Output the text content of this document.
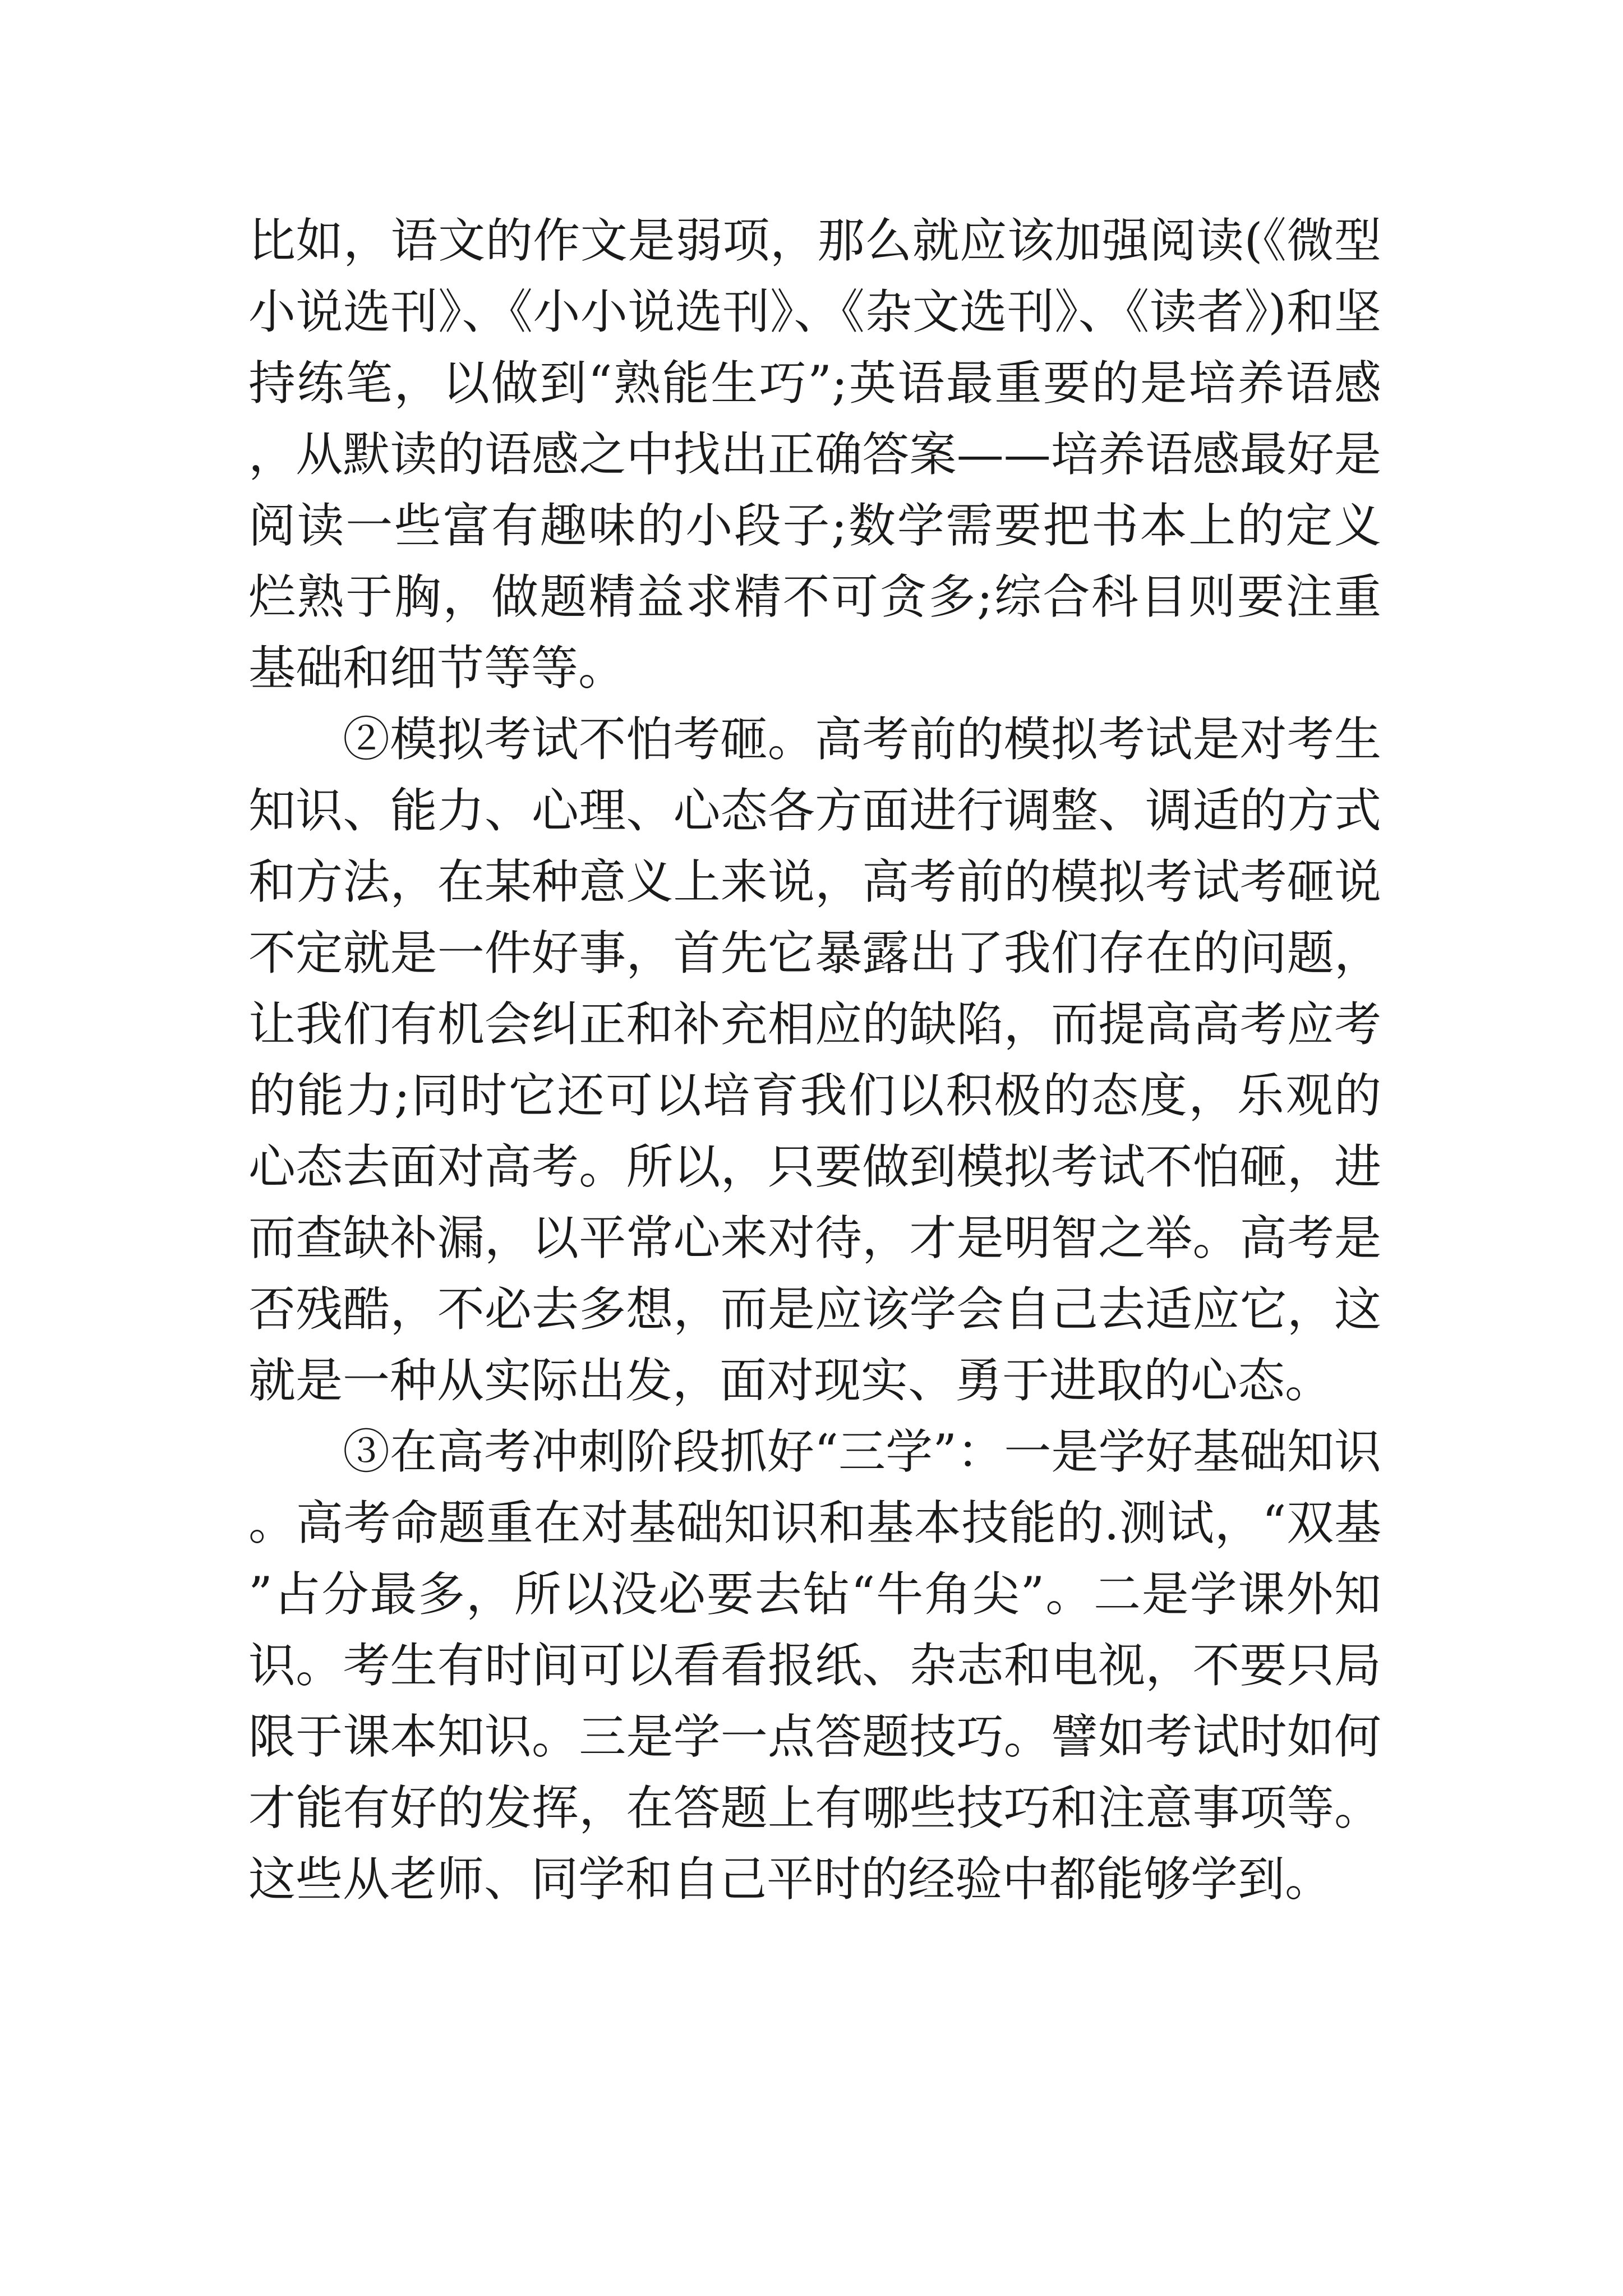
比如，语文的作文是弱项，那么就应该加强阅读(《微型小说选刊》、《小小说选刊》、《杂文选刊》、《读者》)和坚持练笔，以做到“熟能生巧”;英语最重要的是培养语感，从默读的语感之中找出正确答案——培养语感最好是阅读一些富有趣味的小段子;数学需要把书本上的定义烂熟于胸，做题精益求精不可贪多;综合科目则要注重基础和细节等等。

②模拟考试不怕考砸。高考前的模拟考试是对考生知识、能力、心理、心态各方面进行调整、调适的方式和方法，在某种意义上来说，高考前的模拟考试考砸说不定就是一件好事，首先它暴露出了我们存在的问题，让我们有机会纠正和补充相应的缺陷，而提高高考应考的能力;同时它还可以培育我们以积极的态度，乐观的心态去面对高考。所以，只要做到模拟考试不怕砸，进而查缺补漏，以平常心来对待，才是明智之举。高考是否残酷，不必去多想，而是应该学会自己去适应它，这就是一种从实际出发，面对现实、勇于进取的心态。

③在高考冲刺阶段抓好“三学”：一是学好基础知识。高考命题重在对基础知识和基本技能的.测试，“双基”占分最多，所以没必要去钻“牛角尖”。二是学课外知识。考生有时间可以看看报纸、杂志和电视，不要只局限于课本知识。三是学一点答题技巧。譬如考试时如何才能有好的发挥，在答题上有哪些技巧和注意事项等。这些从老师、同学和自己平时的经验中都能够学到。
